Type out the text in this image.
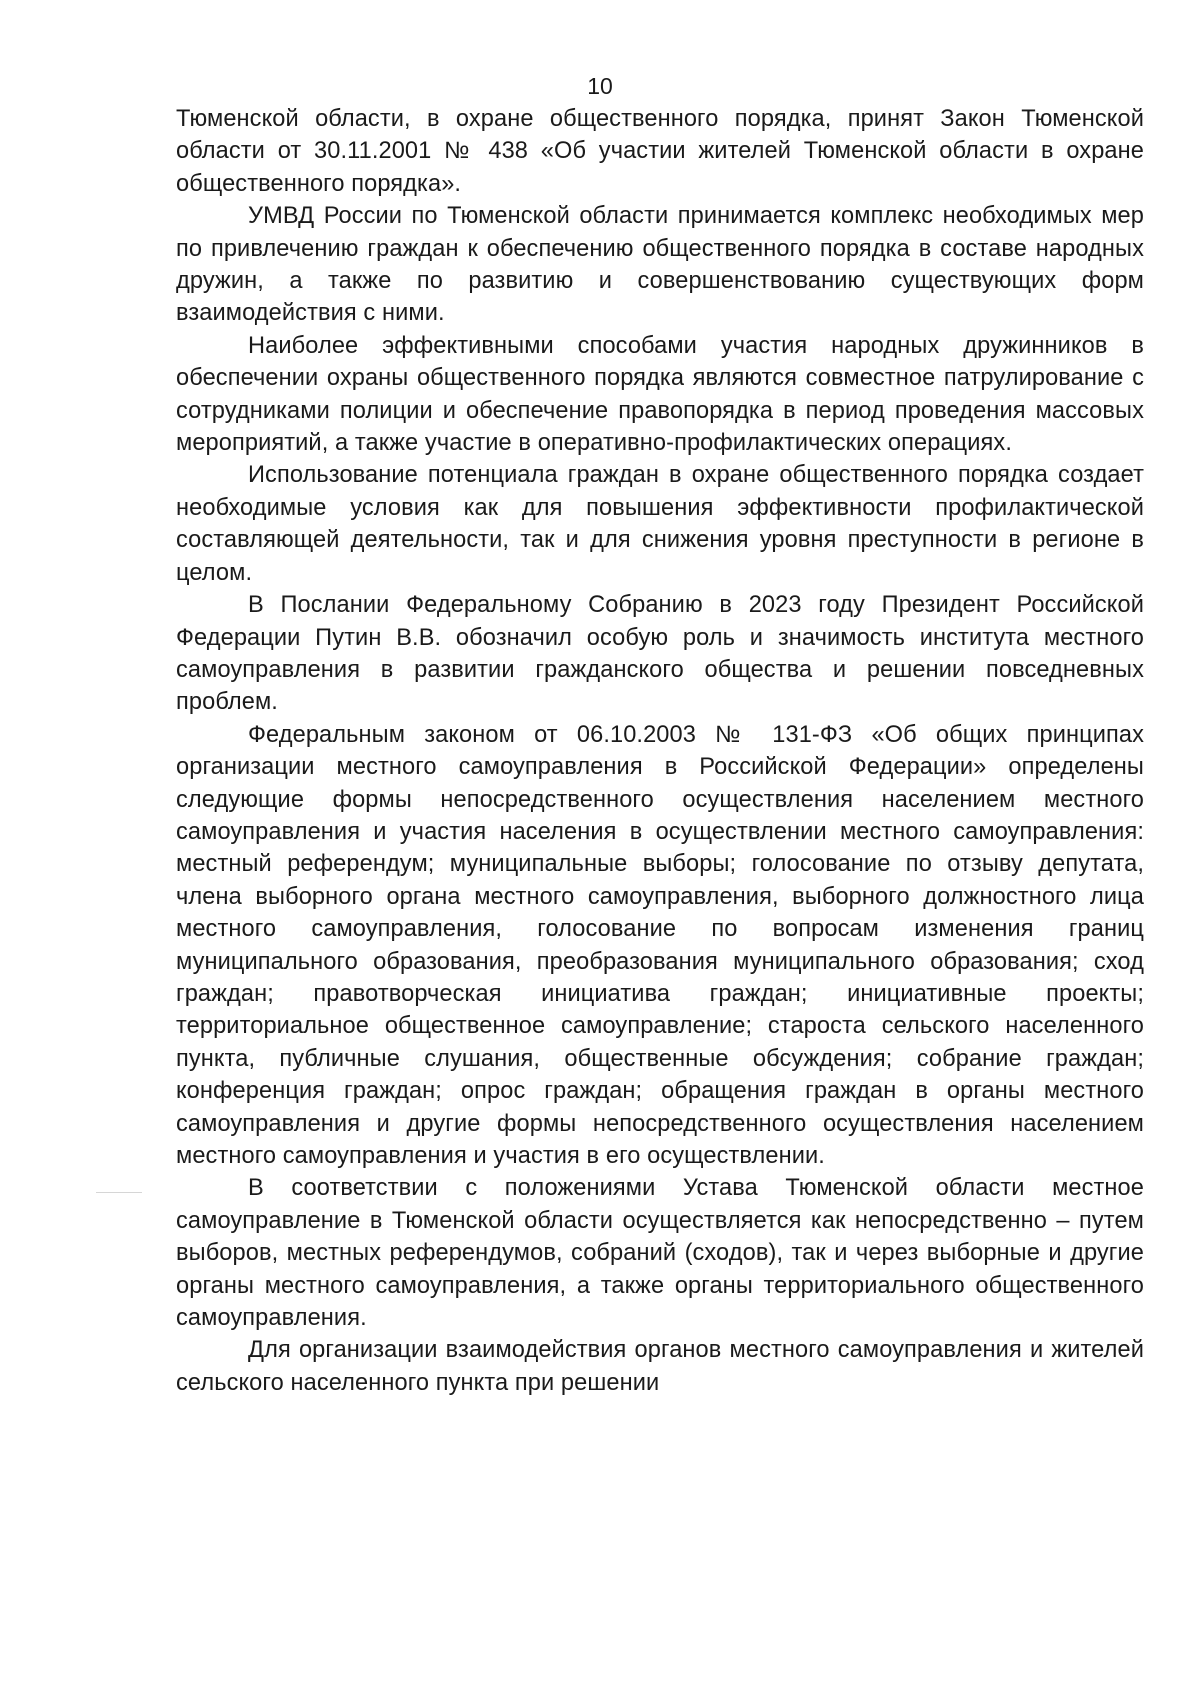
10

Тюменской области, в охране общественного порядка, принят Закон Тюменской области от 30.11.2001 № 438 «Об участии жителей Тюменской области в охране общественного порядка».

УМВД России по Тюменской области принимается комплекс необходимых мер по привлечению граждан к обеспечению общественного порядка в составе народных дружин, а также по развитию и совершенствованию существующих форм взаимодействия с ними.

Наиболее эффективными способами участия народных дружинников в обеспечении охраны общественного порядка являются совместное патрулирование с сотрудниками полиции и обеспечение правопорядка в период проведения массовых мероприятий, а также участие в оперативно-профилактических операциях.

Использование потенциала граждан в охране общественного порядка создает необходимые условия как для повышения эффективности профилактической составляющей деятельности, так и для снижения уровня преступности в регионе в целом.

В Послании Федеральному Собранию в 2023 году Президент Российской Федерации Путин В.В. обозначил особую роль и значимость института местного самоуправления в развитии гражданского общества и решении повседневных проблем.

Федеральным законом от 06.10.2003 № 131-ФЗ «Об общих принципах организации местного самоуправления в Российской Федерации» определены следующие формы непосредственного осуществления населением местного самоуправления и участия населения в осуществлении местного самоуправления: местный референдум; муниципальные выборы; голосование по отзыву депутата, члена выборного органа местного самоуправления, выборного должностного лица местного самоуправления, голосование по вопросам изменения границ муниципального образования, преобразования муниципального образования; сход граждан; правотворческая инициатива граждан; инициативные проекты; территориальное общественное самоуправление; староста сельского населенного пункта, публичные слушания, общественные обсуждения; собрание граждан; конференция граждан; опрос граждан; обращения граждан в органы местного самоуправления и другие формы непосредственного осуществления населением местного самоуправления и участия в его осуществлении.

В соответствии с положениями Устава Тюменской области местное самоуправление в Тюменской области осуществляется как непосредственно – путем выборов, местных референдумов, собраний (сходов), так и через выборные и другие органы местного самоуправления, а также органы территориального общественного самоуправления.

Для организации взаимодействия органов местного самоуправления и жителей сельского населенного пункта при решении
